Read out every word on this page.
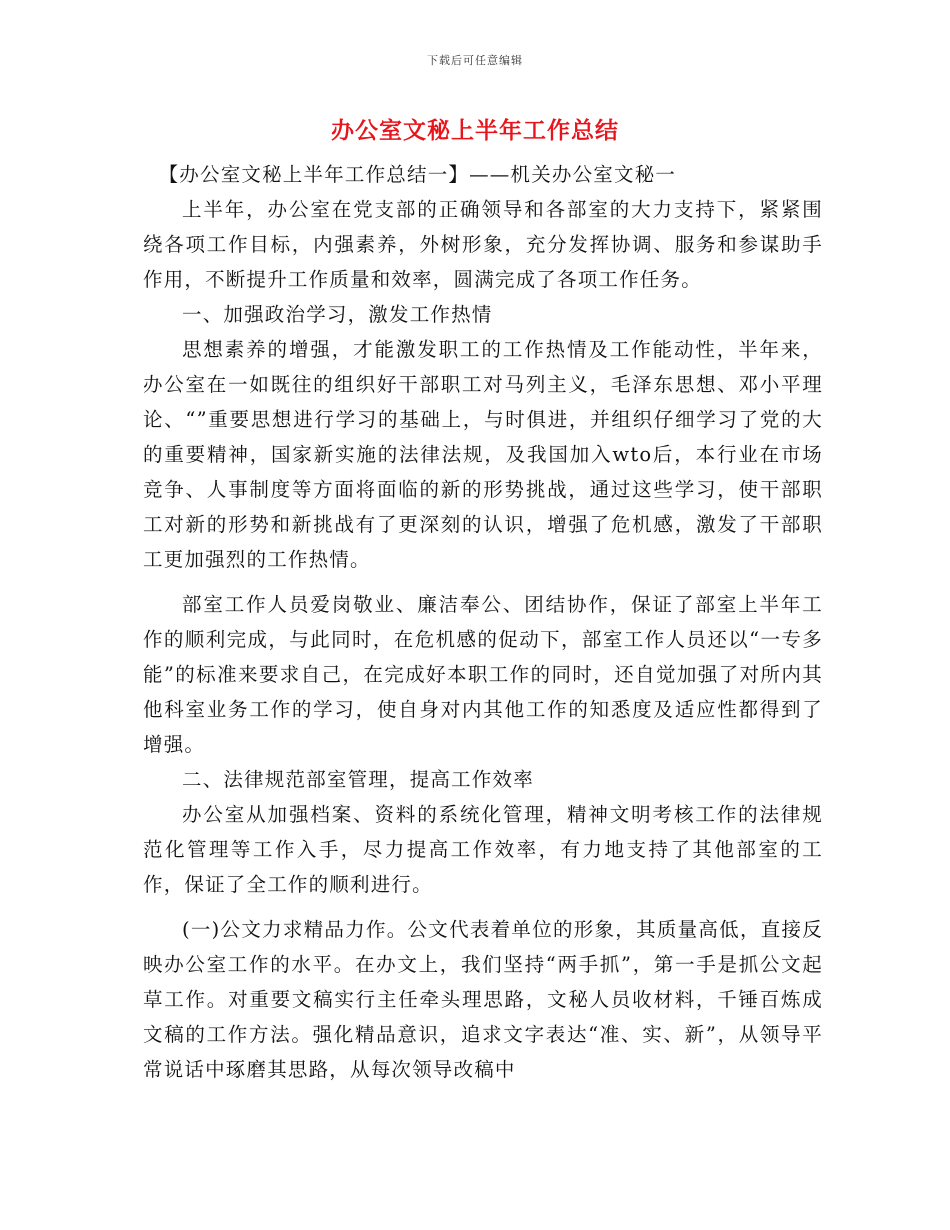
下载后可任意编辑
办公室文秘上半年工作总结

【办公室文秘上半年工作总结一】——机关办公室文秘一

上半年，办公室在党支部的正确领导和各部室的大力支持下，紧紧围绕各项工作目标，内强素养，外树形象，充分发挥协调、服务和参谋助手作用，不断提升工作质量和效率，圆满完成了各项工作任务。

一、加强政治学习，激发工作热情

思想素养的增强，才能激发职工的工作热情及工作能动性，半年来，办公室在一如既往的组织好干部职工对马列主义，毛泽东思想、邓小平理论、“”重要思想进行学习的基础上，与时俱进，并组织仔细学习了党的大的重要精神，国家新实施的法律法规，及我国加入wto后，本行业在市场竞争、人事制度等方面将面临的新的形势挑战，通过这些学习，使干部职工对新的形势和新挑战有了更深刻的认识，增强了危机感，激发了干部职工更加强烈的工作热情。

部室工作人员爱岗敬业、廉洁奉公、团结协作，保证了部室上半年工作的顺利完成，与此同时，在危机感的促动下，部室工作人员还以“一专多能”的标准来要求自己，在完成好本职工作的同时，还自觉加强了对所内其他科室业务工作的学习，使自身对内其他工作的知悉度及适应性都得到了增强。

二、法律规范部室管理，提高工作效率

办公室从加强档案、资料的系统化管理，精神文明考核工作的法律规范化管理等工作入手，尽力提高工作效率，有力地支持了其他部室的工作，保证了全工作的顺利进行。

(一)公文力求精品力作。公文代表着单位的形象，其质量高低，直接反映办公室工作的水平。在办文上，我们坚持“两手抓”，第一手是抓公文起草工作。对重要文稿实行主任牵头理思路，文秘人员收材料，千锤百炼成文稿的工作方法。强化精品意识，追求文字表达“准、实、新”，从领导平常说话中琢磨其思路，从每次领导改稿中
